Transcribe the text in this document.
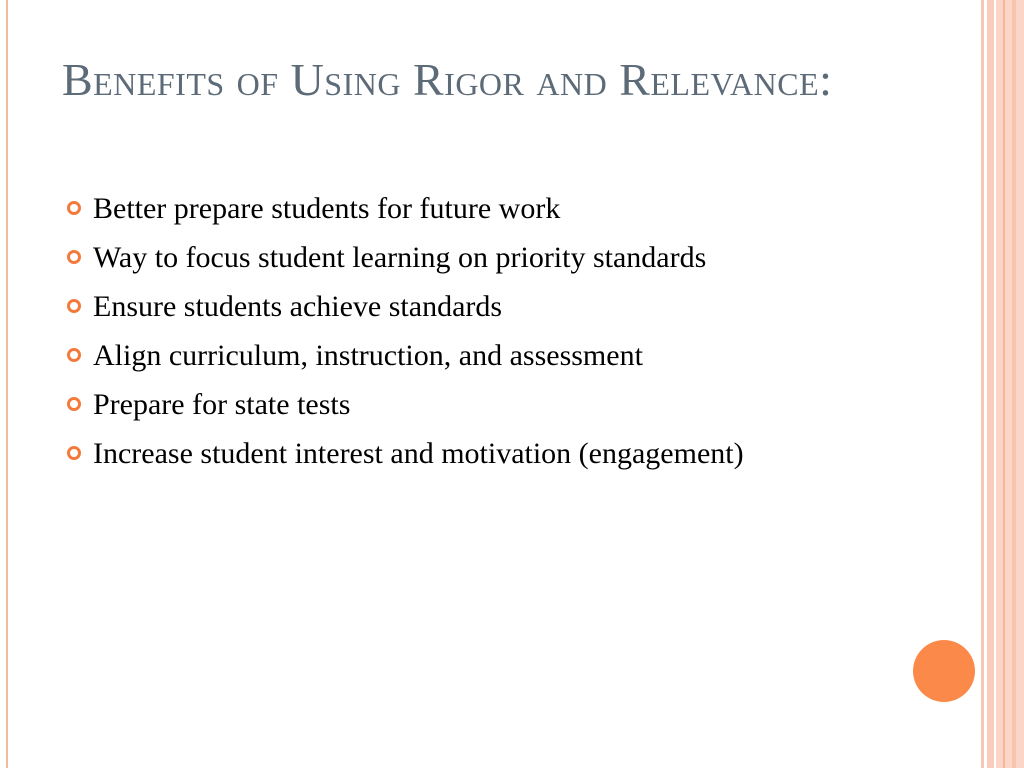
Benefits of Using Rigor and Relevance:
Better prepare students for future work
Way to focus student learning on priority standards
Ensure students achieve standards
Align curriculum, instruction, and assessment
Prepare for state tests
Increase student interest and motivation (engagement)
